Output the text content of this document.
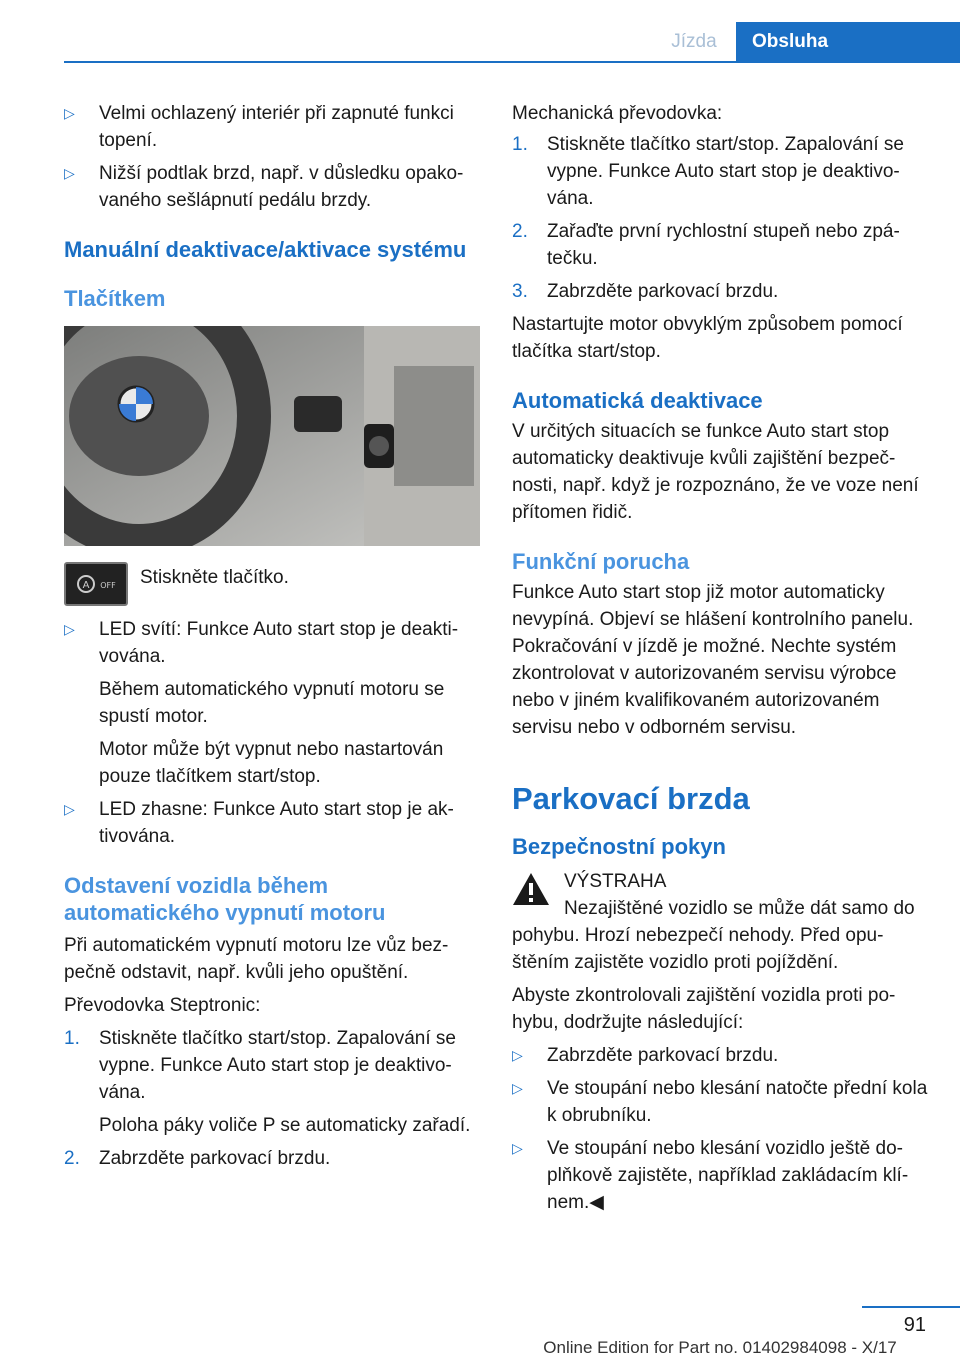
Jízda	Obsluha
▷	Velmi ochlazený interiér při zapnuté funkci topení.
▷	Nižší podtlak brzd, např. v důsledku opakovaného sešlápnutí pedálu brzdy.
Manuální deaktivace/aktivace systému
Tlačítkem
A OFF Stiskněte tlačítko.

▷	LED svítí: Funkce Auto start stop je deaktivována.

Během automatického vypnutí motoru se spustí motor.

Motor může být vypnut nebo nastartován pouze tlačítkem start/stop.

▷	LED zhasne: Funkce Auto start stop je aktivována.
Odstavení vozidla během automatického vypnutí motoru

Při automatickém vypnutí motoru lze vůz bezpečně odstavit, např. kvůli jeho opuštění.

Převodovka Steptronic:

1.	Stiskněte tlačítko start/stop. Zapalování se vypne. Funkce Auto start stop je deaktivována.

Poloha páky voliče P se automaticky zařadí.

2.	Zabrzděte parkovací brzdu.

Mechanická převodovka:

1.	Stiskněte tlačítko start/stop. Zapalování se vypne. Funkce Auto start stop je deaktivována.
2.	Zařaďte první rychlostní stupeň nebo zpátečku.
3.	Zabrzděte parkovací brzdu.

Nastartujte motor obvyklým způsobem pomocí tlačítka start/stop.

Automatická deaktivace

V určitých situacích se funkce Auto start stop automaticky deaktivuje kvůli zajištění bezpečnosti, např. když je rozpoznáno, že ve voze není přítomen řidič.

Funkční porucha

Funkce Auto start stop již motor automaticky nevypíná. Objeví se hlášení kontrolního panelu. Pokračování v jízdě je možné. Nechte systém zkontrolovat v autorizovaném servisu výrobce nebo v jiném kvalifikovaném autorizovaném servisu nebo v odborném servisu.

Parkovací brzda
Bezpečnostní pokyn

VÝSTRAHA

Nezajištěné vozidlo se může dát samo do pohybu. Hrozí nebezpečí nehody. Před opuštěním zajistěte vozidlo proti pojíždění.

Abyste zkontrolovali zajištění vozidla proti pohybu, dodržujte následující:

▷	Zabrzděte parkovací brzdu.
▷	Ve stoupání nebo klesání natočte přední kola k obrubníku.
▷	Ve stoupání nebo klesání vozidlo ještě doplňkově zajistěte, například zakládacím klínem.◀
91
Online Edition for Part no. 01402984098 - X/17
